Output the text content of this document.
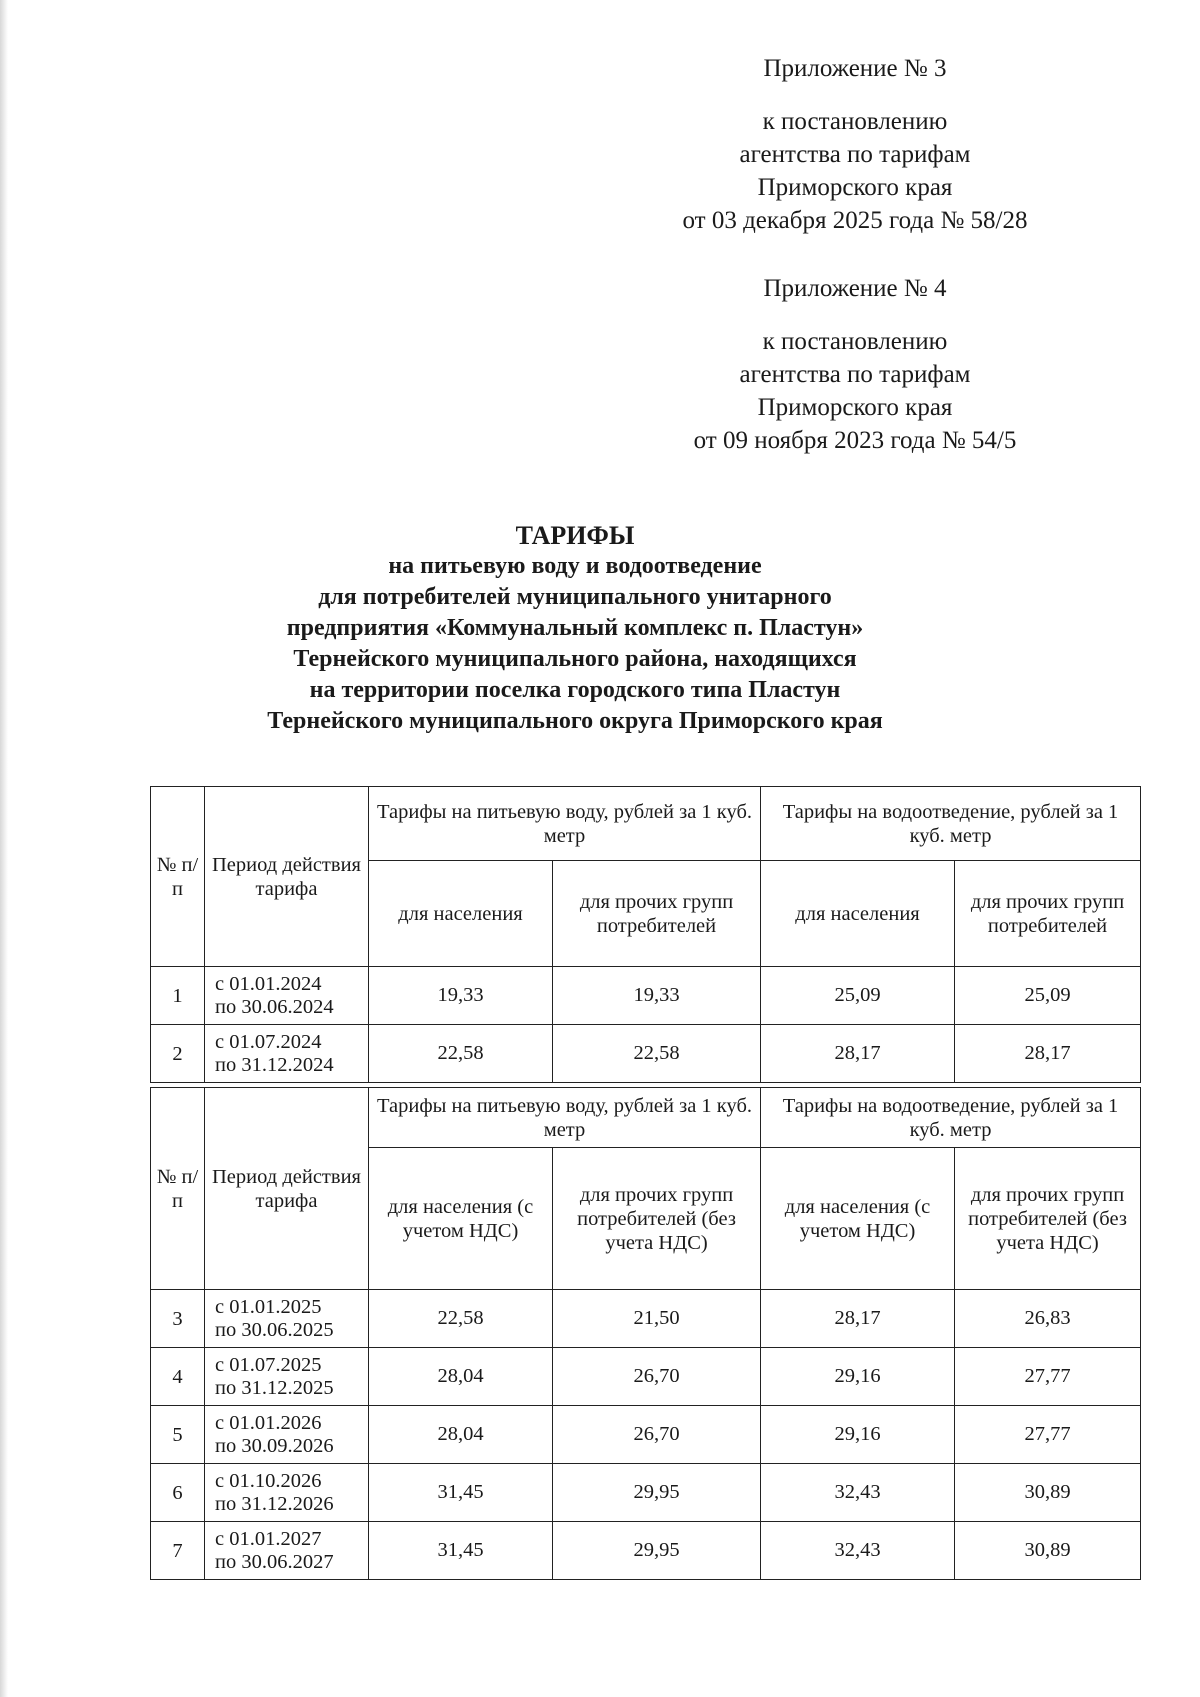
Приложение № 3
к постановлению
агентства по тарифам
Приморского края
от 03 декабря 2025 года № 58/28
Приложение № 4
к постановлению
агентства по тарифам
Приморского края
от 09 ноября 2023 года № 54/5
ТАРИФЫ
на питьевую воду и водоотведение
для потребителей муниципального унитарного
предприятия «Коммунальный комплекс п. Пластун»
Тернейского муниципального района, находящихся
на территории поселка городского типа Пластун
Тернейского муниципального округа Приморского края
№ п/п	Период действия тарифа	Тарифы на питьевую воду, рублей за 1 куб. метр		Тарифы на водоотведение, рублей за 1 куб. метр	
		для населения	для прочих групп потребителей	для населения	для прочих групп потребителей
1	с 01.01.2024
по 30.06.2024	19,33	19,33	25,09	25,09
2	с 01.07.2024
по 31.12.2024	22,58	22,58	28,17	28,17
№ п/п	Период действия тарифа	Тарифы на питьевую воду, рублей за 1 куб. метр		Тарифы на водоотведение, рублей за 1 куб. метр	
		для населения (с учетом НДС)	для прочих групп потребителей (без учета НДС)	для населения (с учетом НДС)	для прочих групп потребителей (без учета НДС)
3	с 01.01.2025
по 30.06.2025	22,58	21,50	28,17	26,83
4	с 01.07.2025
по 31.12.2025	28,04	26,70	29,16	27,77
5	с 01.01.2026
по 30.09.2026	28,04	26,70	29,16	27,77
6	с 01.10.2026
по 31.12.2026	31,45	29,95	32,43	30,89
7	с 01.01.2027
по 30.06.2027	31,45	29,95	32,43	30,89
